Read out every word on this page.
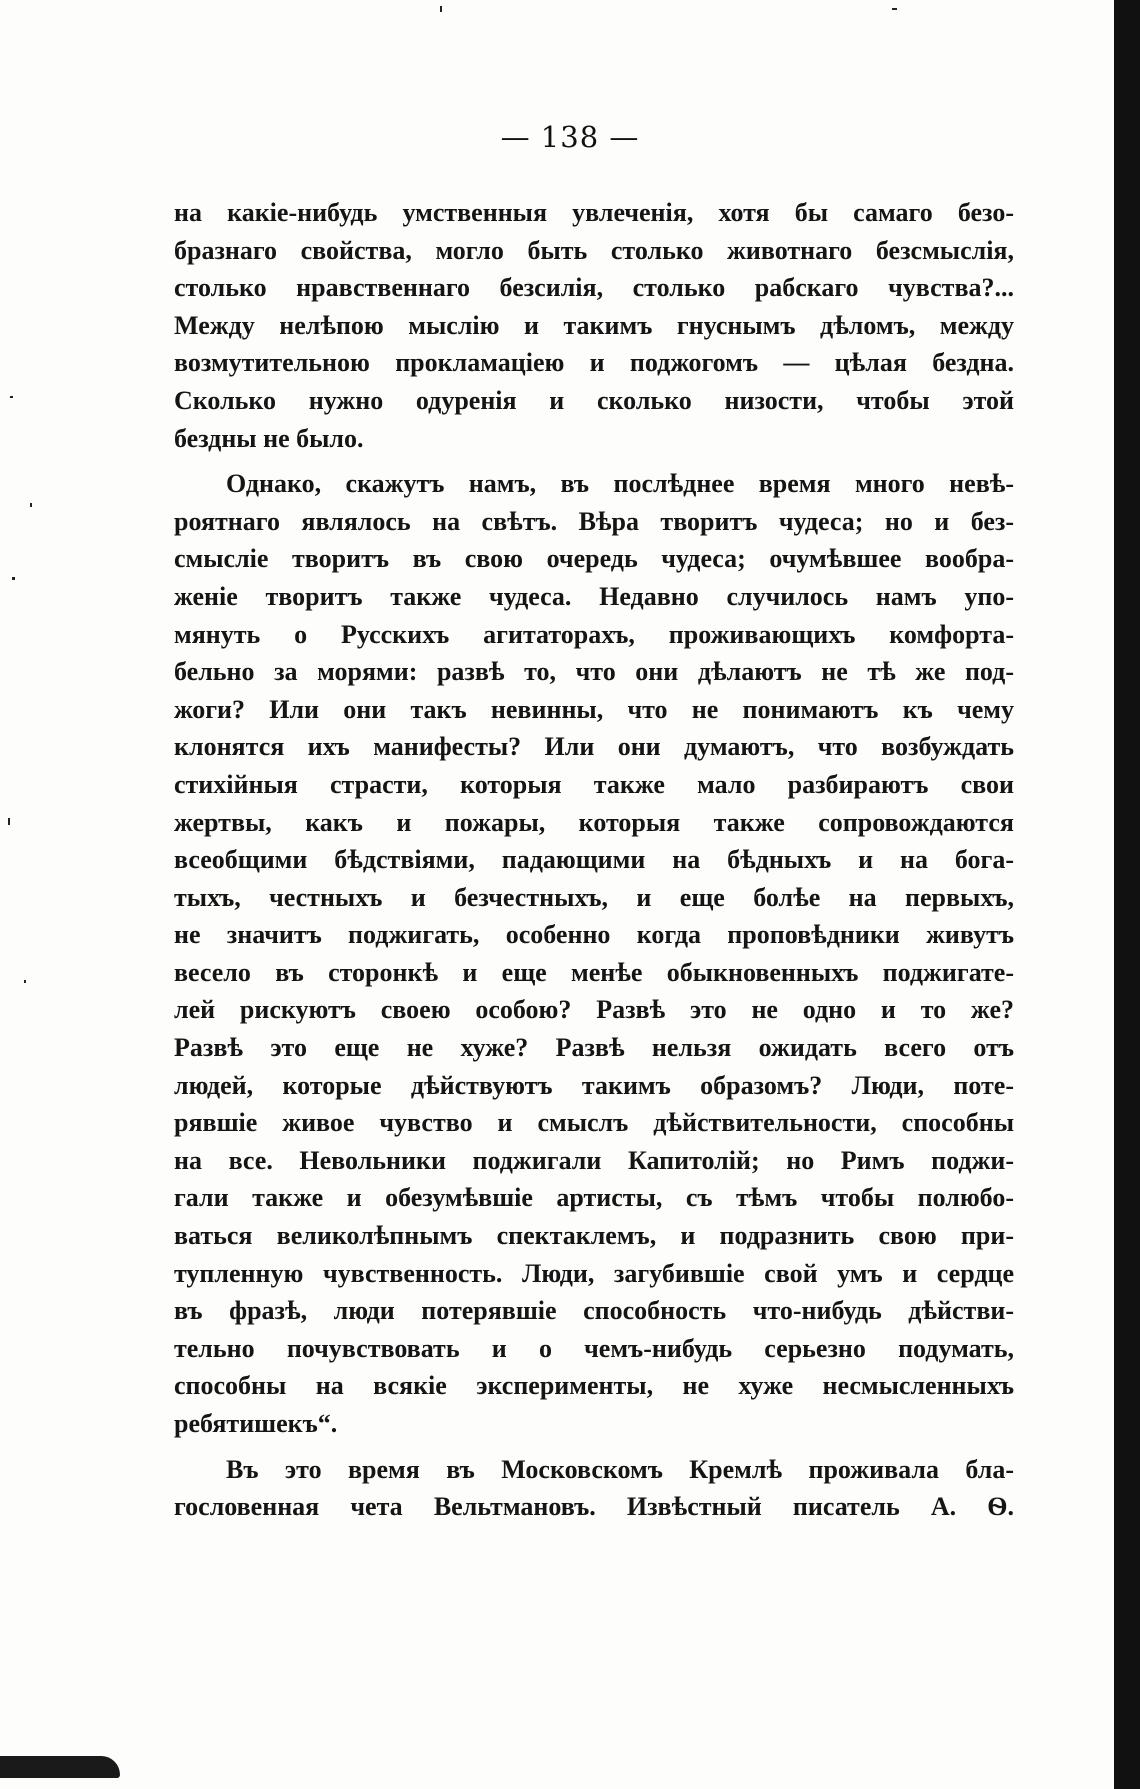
— 138 —
на какіе-нибудь умственныя увлеченія, хотя бы самаго безо-
бразнаго свойства, могло быть столько животнаго безсмыслія,
столько нравственнаго безсилія, столько рабскаго чувства?...
Между нелѣпою мыслію и такимъ гнуснымъ дѣломъ, между
возмутительною прокламаціею и поджогомъ — цѣлая бездна.
Сколько нужно одуренія и сколько низости, чтобы этой
бездны не было.
Однако, скажутъ намъ, въ послѣднее время много невѣ-
роятнаго являлось на свѣтъ. Вѣра творитъ чудеса; но и без-
смысліе творитъ въ свою очередь чудеса; очумѣвшее вообра-
женіе творитъ также чудеса. Недавно случилось намъ упо-
мянуть о Русскихъ агитаторахъ, проживающихъ комфорта-
бельно за морями: развѣ то, что они дѣлаютъ не тѣ же под-
жоги? Или они такъ невинны, что не понимаютъ къ чему
клонятся ихъ манифесты? Или они думаютъ, что возбуждать
стихійныя страсти, которыя также мало разбираютъ свои
жертвы, какъ и пожары, которыя также сопровождаются
всеобщими бѣдствіями, падающими на бѣдныхъ и на бога-
тыхъ, честныхъ и безчестныхъ, и еще болѣе на первыхъ,
не значитъ поджигать, особенно когда проповѣдники живутъ
весело въ сторонкѣ и еще менѣе обыкновенныхъ поджигате-
лей рискуютъ своею особою? Развѣ это не одно и то же?
Развѣ это еще не хуже? Развѣ нельзя ожидать всего отъ
людей, которые дѣйствуютъ такимъ образомъ? Люди, поте-
рявшіе живое чувство и смыслъ дѣйствительности, способны
на все. Невольники поджигали Капитолій; но Римъ поджи-
гали также и обезумѣвшіе артисты, съ тѣмъ чтобы полюбо-
ваться великолѣпнымъ спектаклемъ, и подразнить свою при-
тупленную чувственность. Люди, загубившіе свой умъ и сердце
въ фразѣ, люди потерявшіе способность что-нибудь дѣйстви-
тельно почувствовать и о чемъ-нибудь серьезно подумать,
способны на всякіе эксперименты, не хуже несмысленныхъ
ребятишекъ“.
Въ это время въ Московскомъ Кремлѣ проживала бла-
гословенная чета Вельтмановъ. Извѣстный писатель А. Ѳ.
